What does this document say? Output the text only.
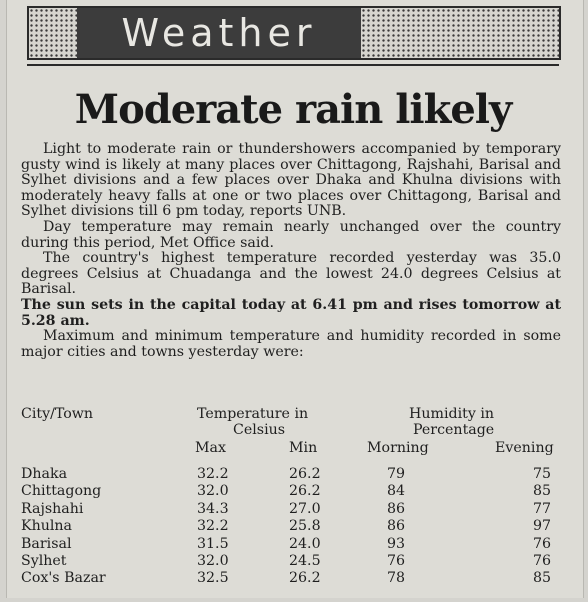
Weather
Moderate rain likely

Light to moderate rain or thundershowers accompanied by temporary gusty wind is likely at many places over Chittagong, Rajshahi, Barisal and Sylhet divisions and a few places over Dhaka and Khulna divisions with moderately heavy falls at one or two places over Chittagong, Barisal and Sylhet divisions till 6 pm today, reports UNB.

Day temperature may remain nearly unchanged over the country during this period, Met Office said.

The country's highest temperature recorded yesterday was 35.0 degrees Celsius at Chuadanga and the lowest 24.0 degrees Celsius at Barisal.

The sun sets in the capital today at 6.41 pm and rises tomorrow at 5.28 am.

Maximum and minimum temperature and humidity recorded in some major cities and towns yesterday were:

City/Town	Temperature in
Celsius
Humidity in
Percentage
Max	Min	Morning	Evening
Dhaka	32.2	26.2	79	75
Chittagong	32.0	26.2	84	85
Rajshahi	34.3	27.0	86	77
Khulna	32.2	25.8	86	97
Barisal	31.5	24.0	93	76
Sylhet	32.0	24.5	76	76
Cox's Bazar	32.5	26.2	78	85
